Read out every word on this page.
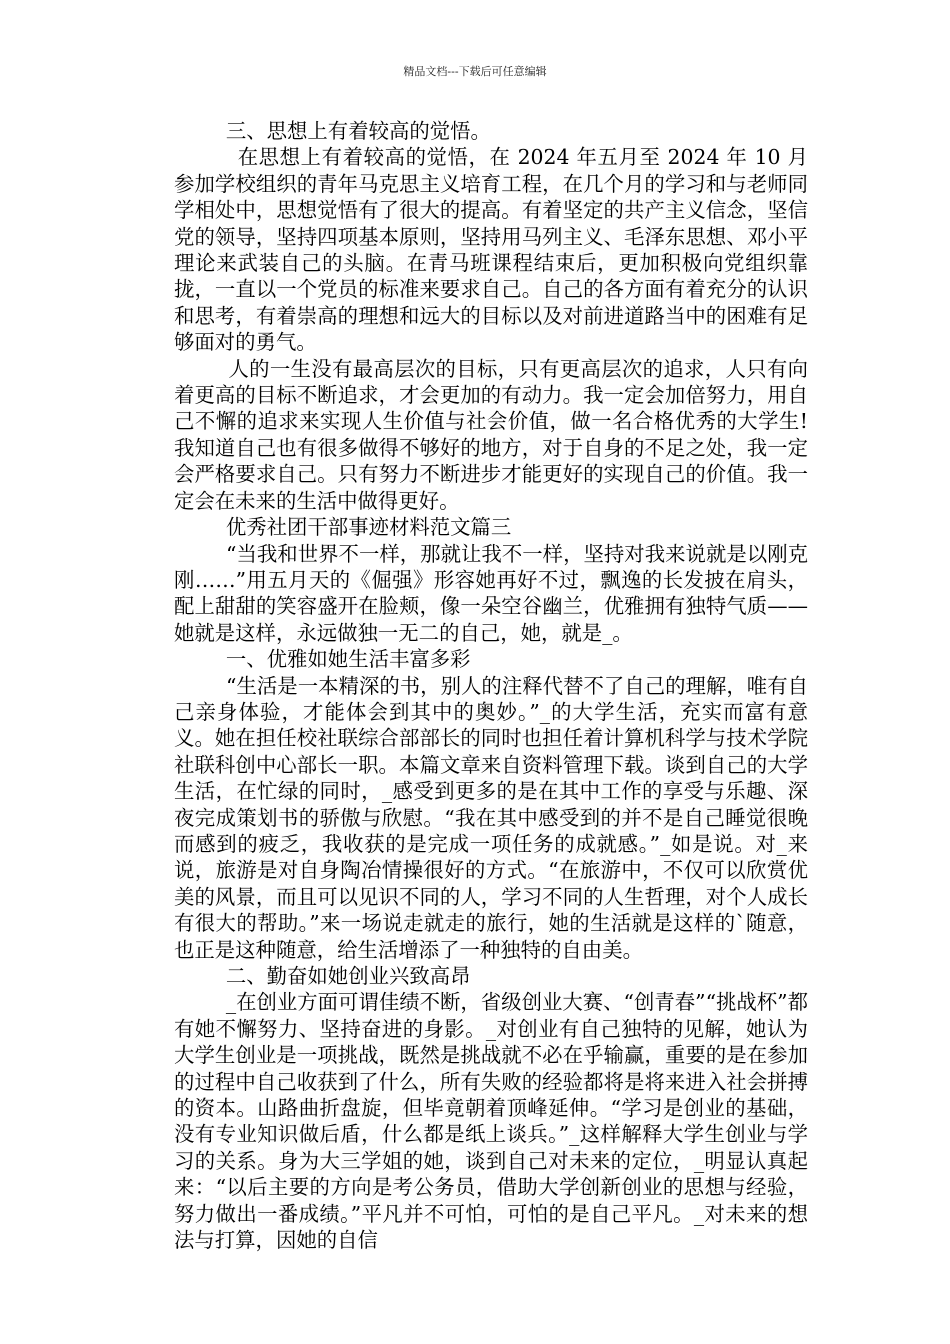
精品文档---下载后可任意编辑

三、思想上有着较高的觉悟。

在思想上有着较高的觉悟，在 2024 年五月至 2024 年 10 月参加学校组织的青年马克思主义培育工程，在几个月的学习和与老师同学相处中，思想觉悟有了很大的提高。有着坚定的共产主义信念，坚信党的领导，坚持四项基本原则，坚持用马列主义、毛泽东思想、邓小平理论来武装自己的头脑。在青马班课程结束后，更加积极向党组织靠拢，一直以一个党员的标准来要求自己。自己的各方面有着充分的认识和思考，有着崇高的理想和远大的目标以及对前进道路当中的困难有足够面对的勇气。

人的一生没有最高层次的目标，只有更高层次的追求，人只有向着更高的目标不断追求，才会更加的有动力。我一定会加倍努力，用自己不懈的追求来实现人生价值与社会价值，做一名合格优秀的大学生!我知道自己也有很多做得不够好的地方，对于自身的不足之处，我一定会严格要求自己。只有努力不断进步才能更好的实现自己的价值。我一定会在未来的生活中做得更好。

优秀社团干部事迹材料范文篇三

“当我和世界不一样，那就让我不一样，坚持对我来说就是以刚克刚……”用五月天的《倔强》形容她再好不过，飘逸的长发披在肩头，配上甜甜的笑容盛开在脸颊，像一朵空谷幽兰，优雅拥有独特气质——她就是这样，永远做独一无二的自己，她，就是_。

一、优雅如她生活丰富多彩

“生活是一本精深的书，别人的注释代替不了自己的理解，唯有自己亲身体验，才能体会到其中的奥妙。”_的大学生活，充实而富有意义。她在担任校社联综合部部长的同时也担任着计算机科学与技术学院社联科创中心部长一职。本篇文章来自资料管理下载。谈到自己的大学生活，在忙绿的同时，_感受到更多的是在其中工作的享受与乐趣、深夜完成策划书的骄傲与欣慰。“我在其中感受到的并不是自己睡觉很晚而感到的疲乏，我收获的是完成一项任务的成就感。”_如是说。对_来说，旅游是对自身陶冶情操很好的方式。“在旅游中，不仅可以欣赏优美的风景，而且可以见识不同的人，学习不同的人生哲理，对个人成长有很大的帮助。”来一场说走就走的旅行，她的生活就是这样的`随意，也正是这种随意，给生活增添了一种独特的自由美。

二、勤奋如她创业兴致高昂

_在创业方面可谓佳绩不断，省级创业大赛、“创青春”“挑战杯”都有她不懈努力、坚持奋进的身影。_对创业有自己独特的见解，她认为大学生创业是一项挑战，既然是挑战就不必在乎输赢，重要的是在参加的过程中自己收获到了什么，所有失败的经验都将是将来进入社会拼搏的资本。山路曲折盘旋，但毕竟朝着顶峰延伸。“学习是创业的基础，没有专业知识做后盾，什么都是纸上谈兵。”_这样解释大学生创业与学习的关系。身为大三学姐的她，谈到自己对未来的定位，_明显认真起来：“以后主要的方向是考公务员，借助大学创新创业的思想与经验，努力做出一番成绩。”平凡并不可怕，可怕的是自己平凡。_对未来的想法与打算，因她的自信
